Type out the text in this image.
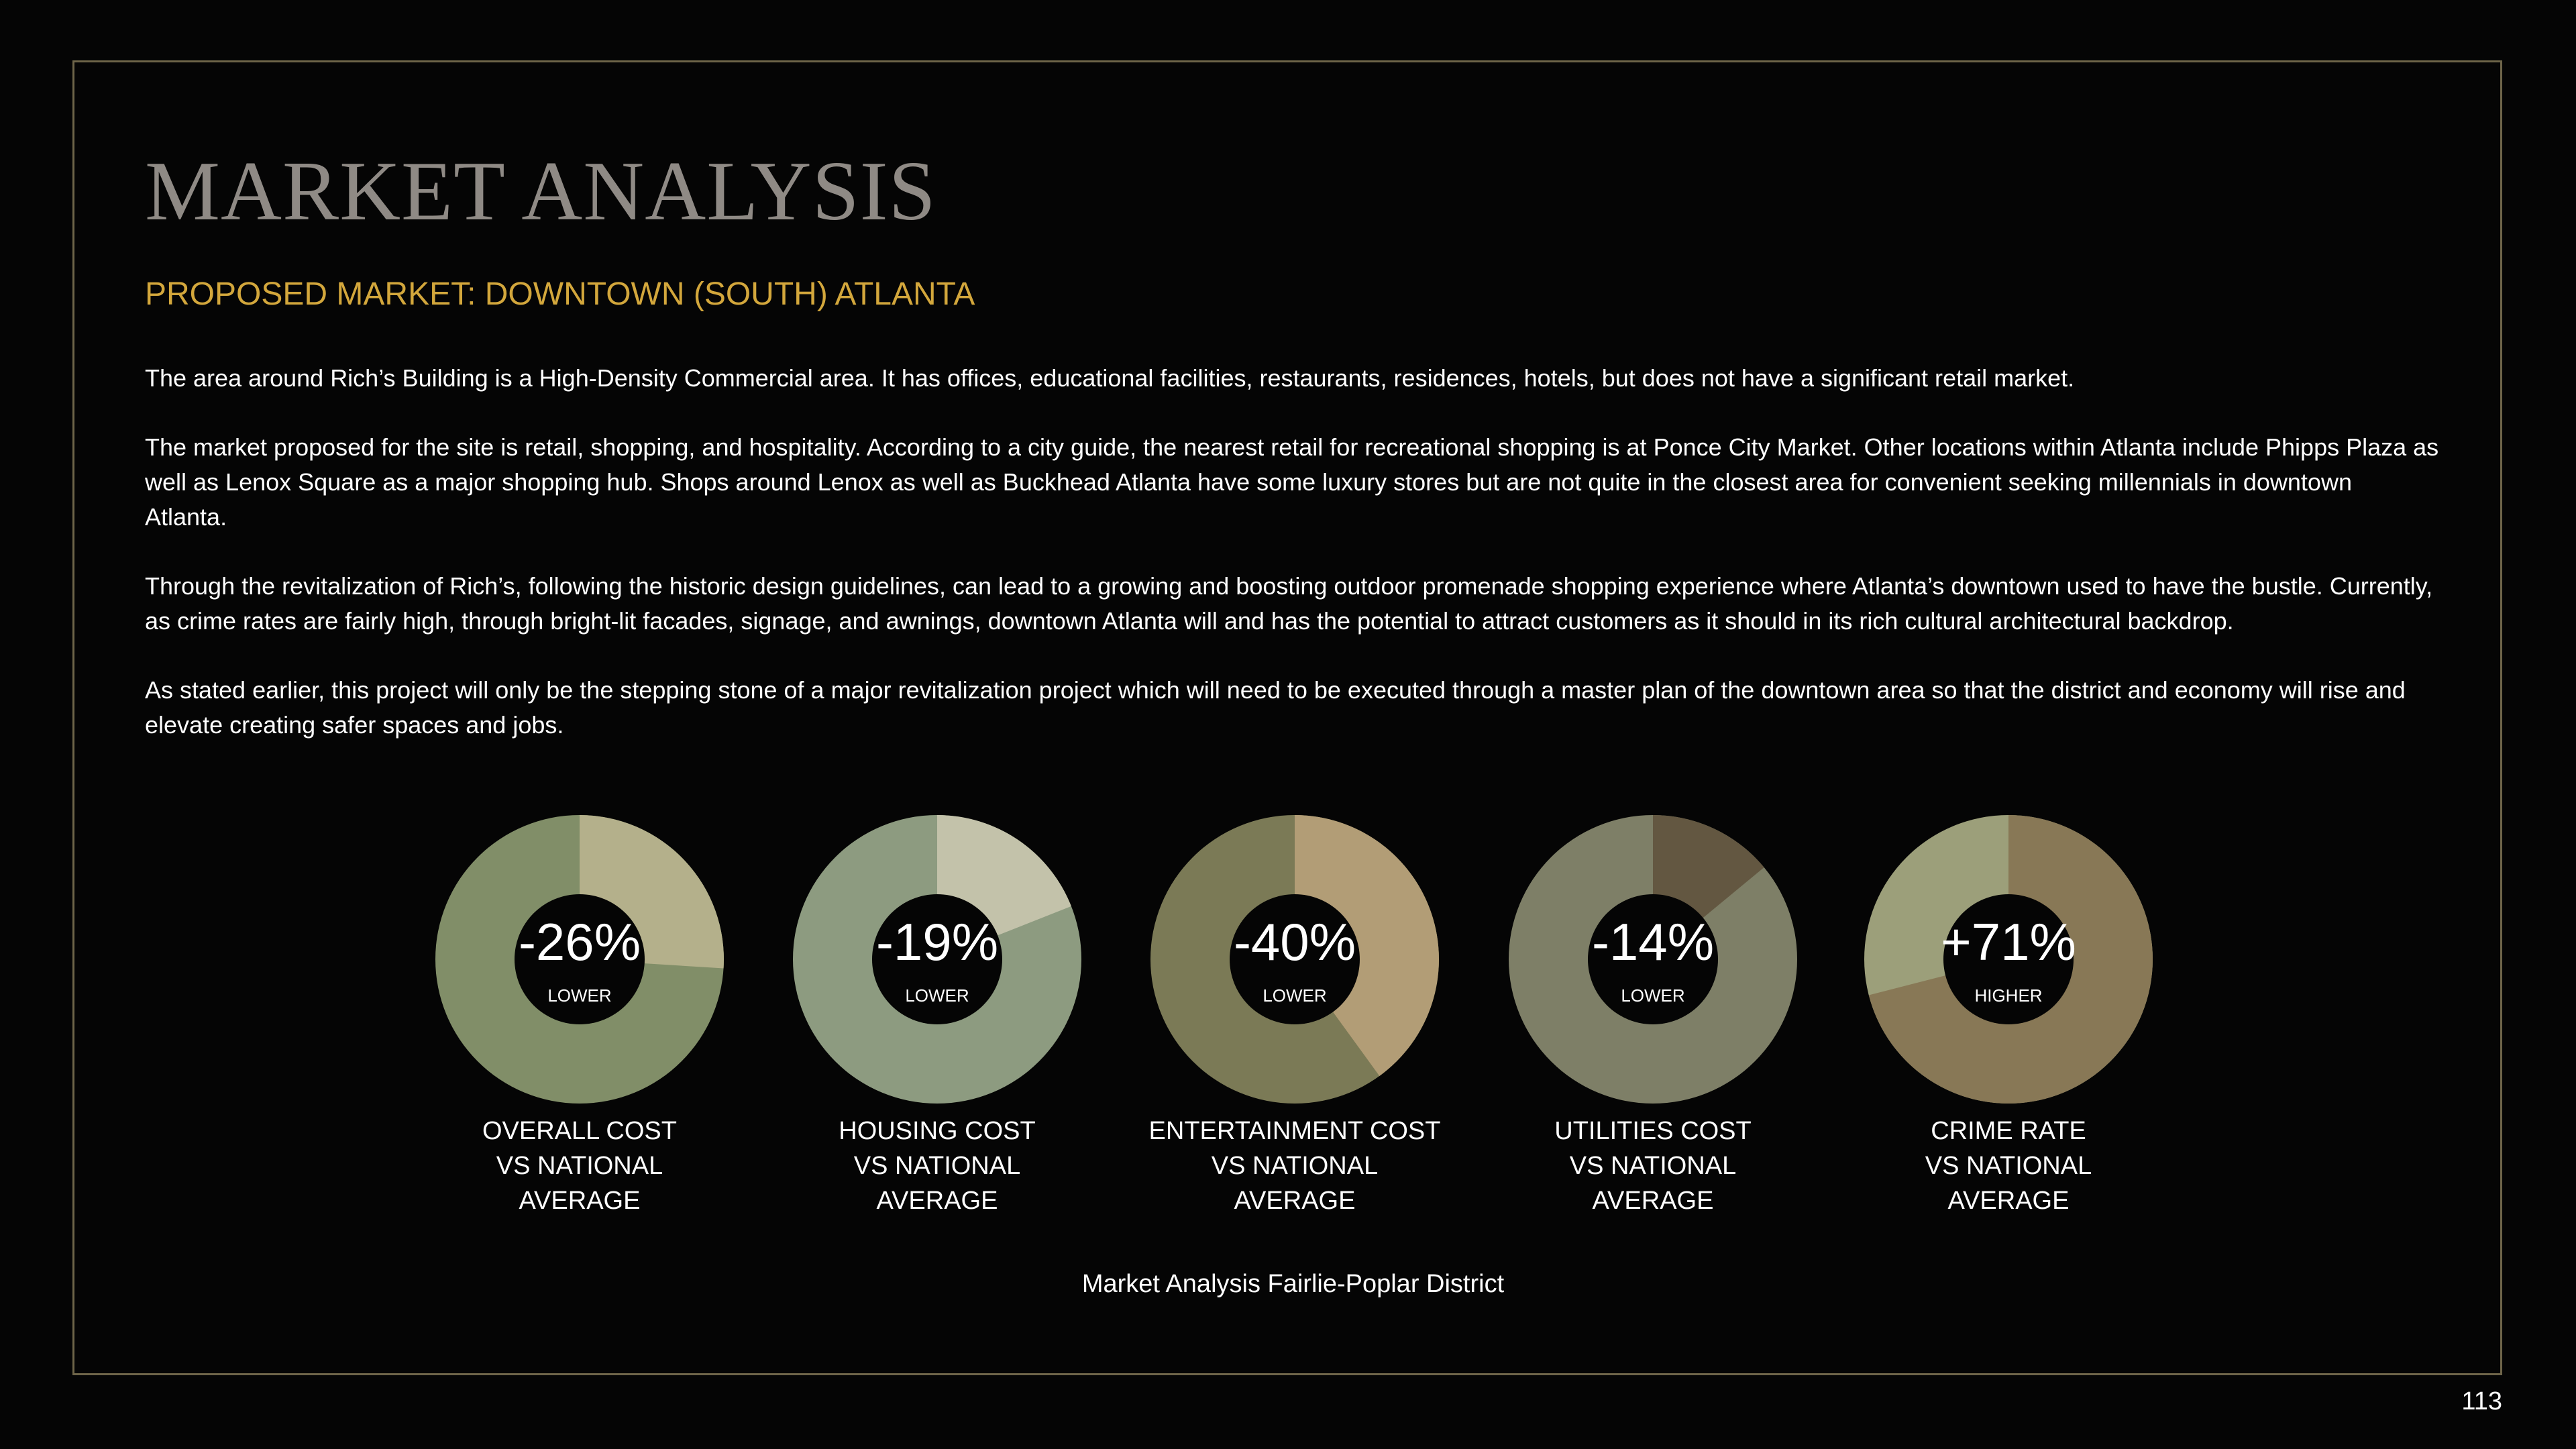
MARKET ANALYSIS
PROPOSED MARKET: DOWNTOWN (SOUTH) ATLANTA

The area around Rich’s Building is a High-Density Commercial area. It has offices, educational facilities, restaurants, residences, hotels, but does not have a significant retail market.

The market proposed for the site is retail, shopping, and hospitality. According to a city guide, the nearest retail for recreational shopping is at Ponce City Market. Other locations within Atlanta include Phipps Plaza as well as Lenox Square as a major shopping hub. Shops around Lenox as well as Buckhead Atlanta have some luxury stores but are not quite in the closest area for convenient seeking millennials in downtown Atlanta.

Through the revitalization of Rich’s, following the historic design guidelines, can lead to a growing and boosting outdoor promenade shopping experience where Atlanta’s downtown used to have the bustle. Currently, as crime rates are fairly high, through bright-lit facades, signage, and awnings, downtown Atlanta will and has the potential to attract customers as it should in its rich cultural architectural backdrop.

As stated earlier, this project will only be the stepping stone of a major revitalization project which will need to be executed through a master plan of the downtown area so that the district and economy will rise and elevate creating safer spaces and jobs.

-26%
LOWER
OVERALL COST
VS NATIONAL
AVERAGE
-19%
LOWER
HOUSING COST
VS NATIONAL
AVERAGE
-40%
LOWER
ENTERTAINMENT COST
VS NATIONAL
AVERAGE
-14%
LOWER
UTILITIES COST
VS NATIONAL
AVERAGE
+71%
HIGHER
CRIME RATE
VS NATIONAL
AVERAGE
Market Analysis Fairlie-Poplar District
113
